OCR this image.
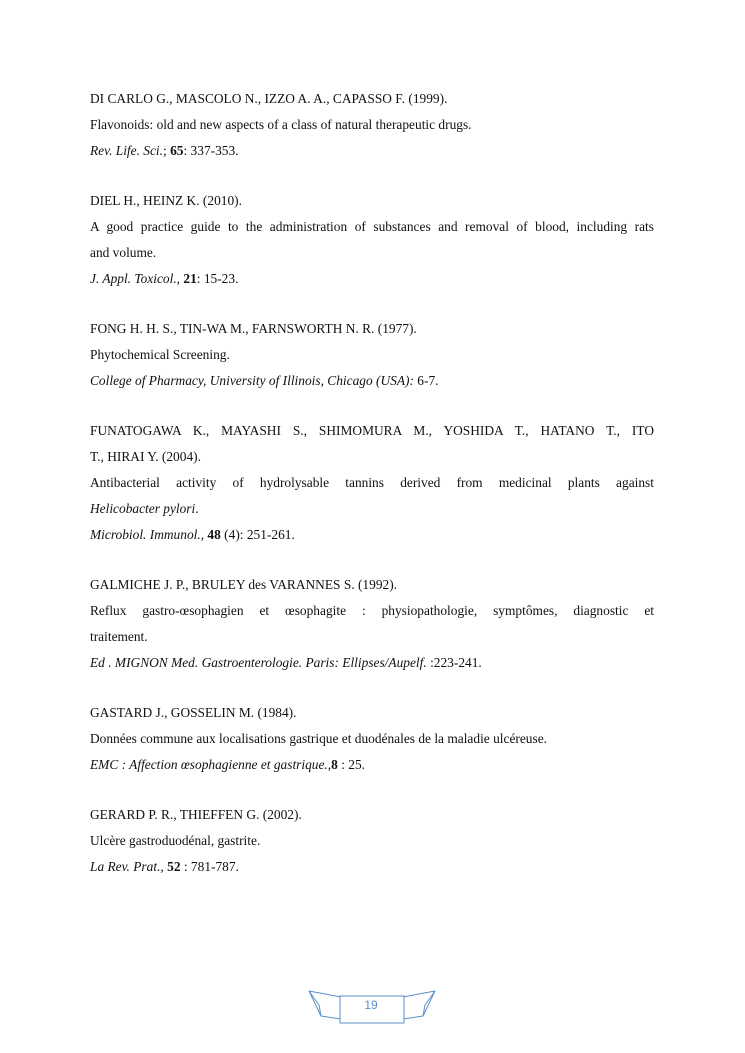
DI CARLO G., MASCOLO N., IZZO A. A., CAPASSO F. (1999).
Flavonoids: old and new aspects of a class of natural therapeutic drugs.
Rev. Life. Sci.; 65: 337-353.
DIEL H., HEINZ K. (2010).
A good practice guide to the administration of substances and removal of blood, including rats
and volume.
J. Appl. Toxicol., 21: 15-23.
FONG H. H. S., TIN-WA M., FARNSWORTH N. R. (1977).
Phytochemical Screening.
College of Pharmacy, University of Illinois, Chicago (USA): 6-7.
FUNATOGAWA K., MAYASHI S., SHIMOMURA M., YOSHIDA T., HATANO T., ITO
T., HIRAI Y. (2004).
Antibacterial activity of hydrolysable tannins derived from medicinal plants against
Helicobacter pylori.
Microbiol. Immunol., 48 (4): 251-261.
GALMICHE J. P., BRULEY des VARANNES S. (1992).
Reflux gastro-œsophagien et œsophagite : physiopathologie, symptômes, diagnostic et
traitement.
Ed . MIGNON Med. Gastroenterologie. Paris: Ellipses/Aupelf. :223-241.
GASTARD J., GOSSELIN M. (1984).
Données commune aux localisations gastrique et duodénales de la maladie ulcéreuse.
EMC : Affection œsophagienne et gastrique.,8 : 25.
GERARD P. R., THIEFFEN G. (2002).
Ulcère gastroduodénal, gastrite.
La Rev. Prat., 52 : 781-787.
19
